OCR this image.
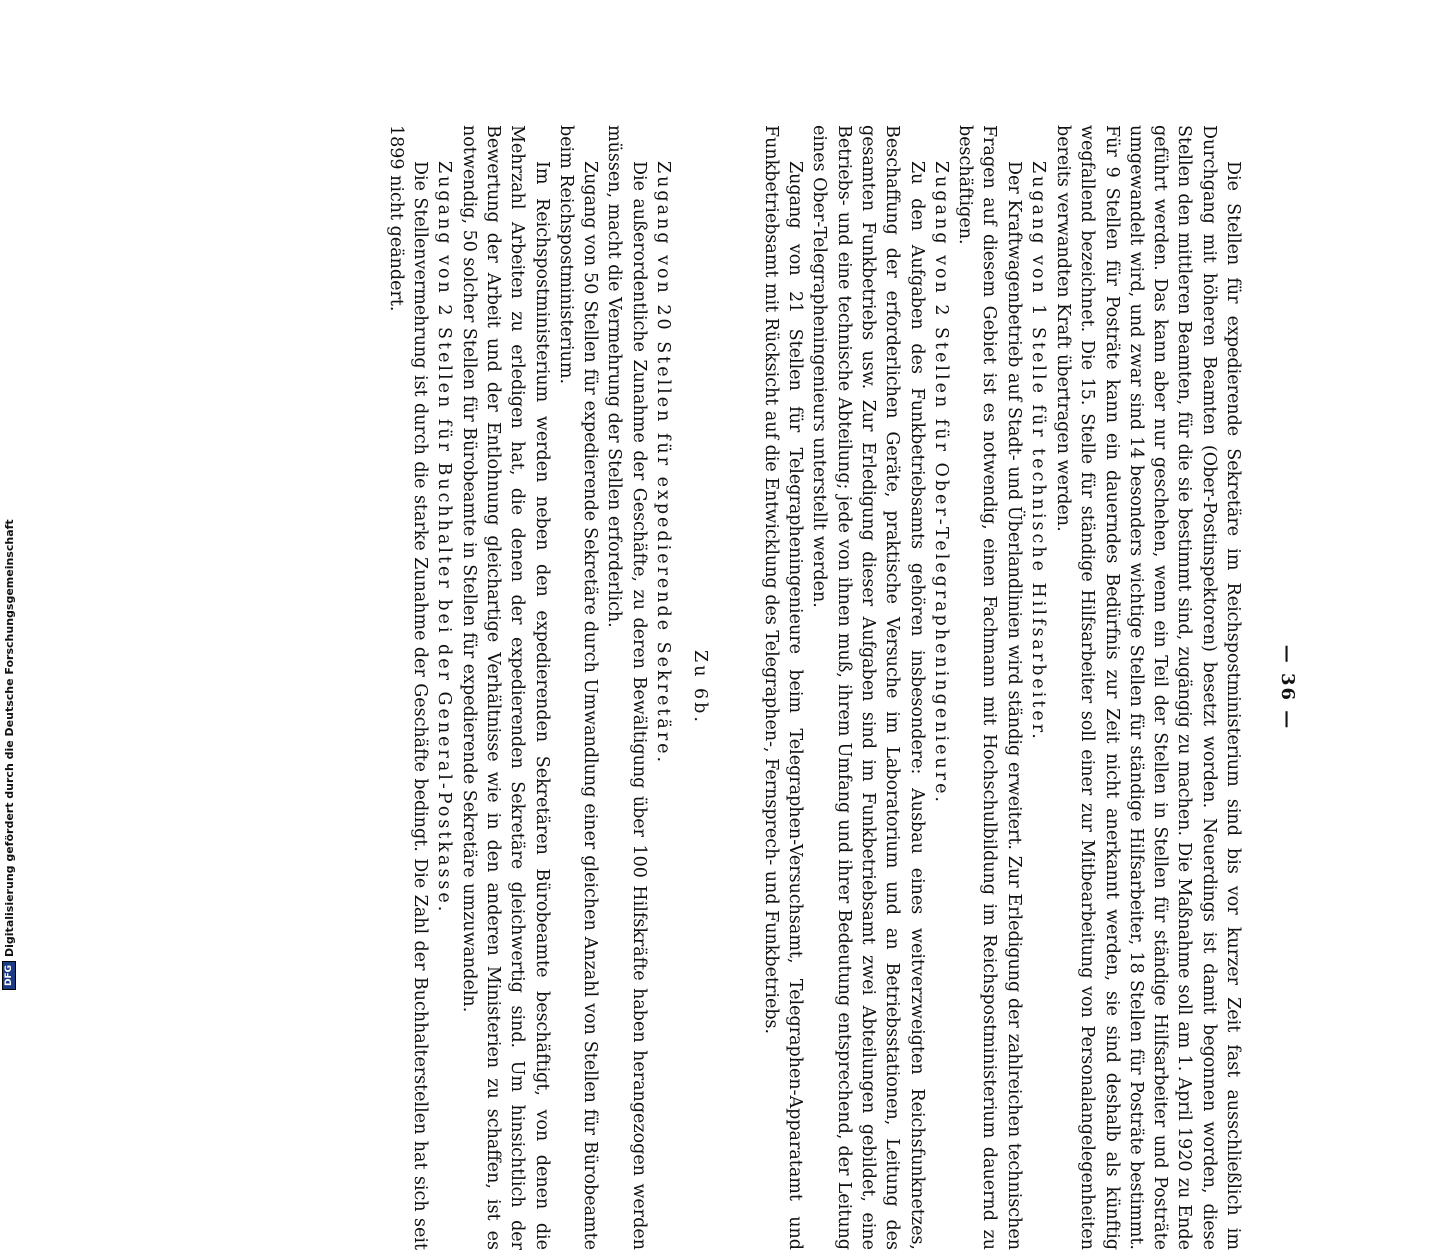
— 36 —

Die Stellen für expedierende Sekretäre im Reichspostministerium sind bis vor kurzer Zeit fast ausschließlich im Durchgang mit höheren Beamten (Ober-Postinspektoren) besetzt worden. Neuerdings ist damit begonnen worden, diese Stellen den mittleren Beamten, für die sie bestimmt sind, zugängig zu machen. Die Maßnahme soll am 1. April 1920 zu Ende geführt werden. Das kann aber nur geschehen, wenn ein Teil der Stellen in Stellen für ständige Hilfsarbeiter und Posträte umgewandelt wird, und zwar sind 14 besonders wichtige Stellen für ständige Hilfsarbeiter, 18 Stellen für Posträte bestimmt. Für 9 Stellen für Posträte kann ein dauerndes Bedürfnis zur Zeit nicht anerkannt werden, sie sind deshalb als künftig wegfallend bezeichnet. Die 15. Stelle für ständige Hilfsarbeiter soll einer zur Mitbearbeitung von Personalangelegenheiten bereits verwandten Kraft übertragen werden.

Zugang von 1 Stelle für technische Hilfsarbeiter.

Der Kraftwagenbetrieb auf Stadt- und Überlandlinien wird ständig erweitert. Zur Erledigung der zahlreichen technischen Fragen auf diesem Gebiet ist es notwendig, einen Fachmann mit Hochschulbildung im Reichspostministerium dauernd zu beschäftigen.

Zugang von 2 Stellen für Ober-Telegrapheningenieure.

Zu den Aufgaben des Funkbetriebsamts gehören insbesondere: Ausbau eines weitverzweigten Reichsfunknetzes, Beschaffung der erforderlichen Geräte, praktische Versuche im Laboratorium und an Betriebsstationen, Leitung des gesamten Funkbetriebs usw. Zur Erledigung dieser Aufgaben sind im Funkbetriebsamt zwei Abteilungen gebildet, eine Betriebs- und eine technische Abteilung; jede von ihnen muß, ihrem Umfang und ihrer Bedeutung entsprechend, der Leitung eines Ober-Telegrapheningenieurs unterstellt werden.

Zugang von 21 Stellen für Telegrapheningenieure beim Telegraphen-Versuchsamt, Telegraphen-Apparatamt und Funkbetriebsamt mit Rücksicht auf die Entwicklung des Telegraphen-, Fernsprech- und Funkbetriebs.

Zu 6b.

Zugang von 20 Stellen für expedierende Sekretäre.

Die außerordentliche Zunahme der Geschäfte, zu deren Bewältigung über 100 Hilfskräfte haben herangezogen werden müssen, macht die Vermehrung der Stellen erforderlich.

Zugang von 50 Stellen für expedierende Sekretäre durch Umwandlung einer gleichen Anzahl von Stellen für Bürobeamte beim Reichspostministerium.

Im Reichspostministerium werden neben den expedierenden Sekretären Bürobeamte beschäftigt, von denen die Mehrzahl Arbeiten zu erledigen hat, die denen der expedierenden Sekretäre gleichwertig sind. Um hinsichtlich der Bewertung der Arbeit und der Entlohnung gleichartige Verhältnisse wie in den anderen Ministerien zu schaffen, ist es notwendig, 50 solcher Stellen für Bürobeamte in Stellen für expedierende Sekretäre umzuwandeln.

Zugang von 2 Stellen für Buchhalter bei der General-Postkasse.

Die Stellenvermehrung ist durch die starke Zunahme der Geschäfte bedingt. Die Zahl der Buchhalterstellen hat sich seit 1899 nicht geändert.

DFG
Digitalisierung gefördert durch die Deutsche Forschungsgemeinschaft
